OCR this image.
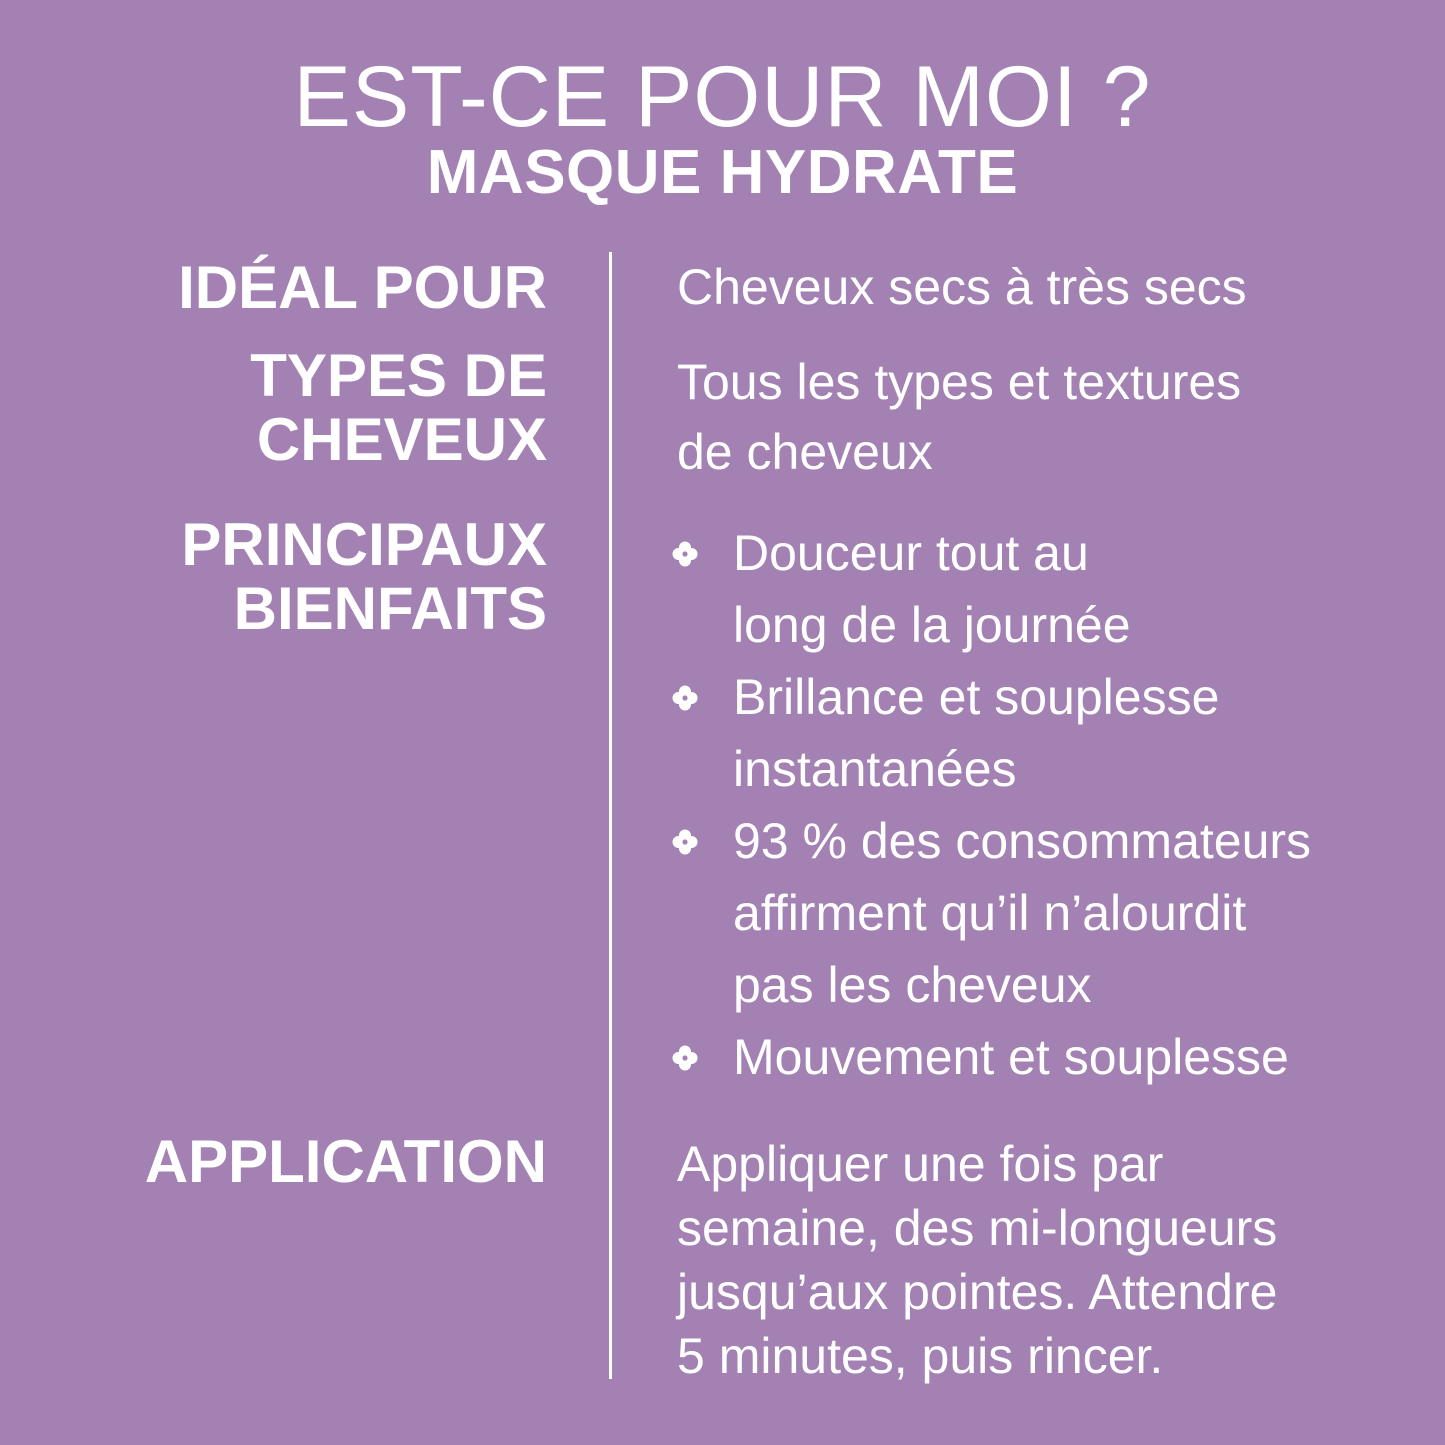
EST-CE POUR MOI ?
MASQUE HYDRATE
IDÉAL POUR	Cheveux secs à très secs
TYPES DE
CHEVEUX
Tous les types et textures
de cheveux
PRINCIPAUX
BIENFAITS
Douceur tout au
long de la journée
Brillance et souplesse
instantanées
93 % des consommateurs
affirment qu’il n’alourdit
pas les cheveux
Mouvement et souplesse
APPLICATION	Appliquer une fois par
semaine, des mi-longueurs
jusqu’aux pointes. Attendre
5 minutes, puis rincer.
